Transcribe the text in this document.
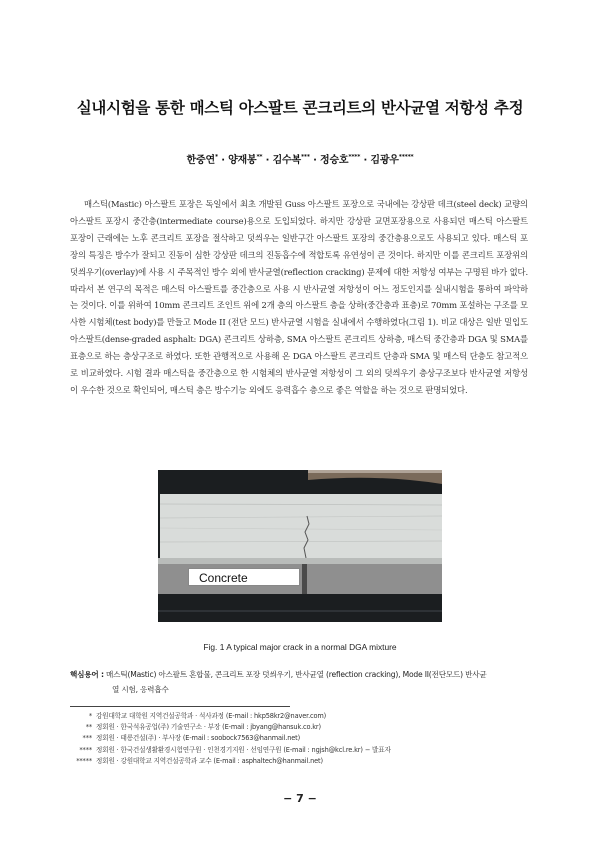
실내시험을 통한 매스틱 아스팔트 콘크리트의 반사균열 저항성 추정
한중연* · 양재봉** · 김수복*** · 정승호**** · 김광우*****

매스틱(Mastic) 아스팔트 포장은 독일에서 최초 개발된 Guss 아스팔트 포장으로 국내에는 강상판 데크(steel deck) 교량의 아스팔트 포장시 중간층(intermediate course)용으로 도입되었다. 하지만 강상판 교면포장용으로 사용되던 매스틱 아스팔트 포장이 근래에는 노후 콘크리트 포장을 절삭하고 덧씌우는 일반구간 아스팔트 포장의 중간층용으로도 사용되고 있다. 매스틱 포장의 특징은 방수가 잘되고 진동이 심한 강상판 데크의 진동흡수에 적합토록 유연성이 큰 것이다. 하지만 이를 콘크리트 포장위의 덧씌우기(overlay)에 사용 시 주목적인 방수 외에 반사균열(reflection cracking) 문제에 대한 저항성 여부는 구명된 바가 없다. 따라서 본 연구의 목적은 매스틱 아스팔트를 중간층으로 사용 시 반사균열 저항성이 어느 정도인지를 실내시험을 통하여 파악하는 것이다. 이를 위하여 10mm 콘크리트 조인트 위에 2개 층의 아스팔트 층을 상하(중간층과 표층)로 70mm 포설하는 구조를 모사한 시험체(test body)를 만들고 Mode II (전단 모드) 반사균열 시험을 실내에서 수행하였다(그림 1). 비교 대상은 일반 밀입도 아스팔트(dense-graded asphalt: DGA) 콘크리트 상하층, SMA 아스팔트 콘크리트 상하층, 매스틱 중간층과 DGA 및 SMA를 표층으로 하는 층상구조로 하였다. 또한 관행적으로 사용해 온 DGA 아스팔트 콘크리트 단층과 SMA 및 매스틱 단층도 참고적으로 비교하였다. 시험 결과 매스틱을 중간층으로 한 시험체의 반사균열 저항성이 그 외의 덧씌우기 층상구조보다 반사균열 저항성이 우수한 것으로 확인되어, 매스틱 층은 방수기능 외에도 응력흡수 층으로 좋은 역할을 하는 것으로 판명되었다.

Concrete
Fig. 1 A typical major crack in a normal DGA mixture
핵심용어 : 매스틱(Mastic) 아스팔트 혼합물, 콘크리트 포장 덧씌우기, 반사균열 (reflection cracking), Mode II(전단모드) 반사균
열 시험, 응력흡수
* 강원대학교 대학원 지역건설공학과 · 석사과정 (E-mail : hkp58kr2@naver.com)
** 정회원 · 한국석유공업(주) 기술연구소 · 부장 (E-mail : jbyang@hansuk.co.kr)
*** 정회원 · 태릉건설(주) · 부사장 (E-mail : soobock7563@hanmail.net)
**** 정회원 · 한국건설생활환경시험연구원 · 인천경기지원 · 선임연구원 (E-mail : ngjsh@kcl.re.kr) − 발표자
***** 정회원 · 강원대학교 지역건설공학과 교수 (E-mail : asphaltech@hanmail.net)
− 7 −
